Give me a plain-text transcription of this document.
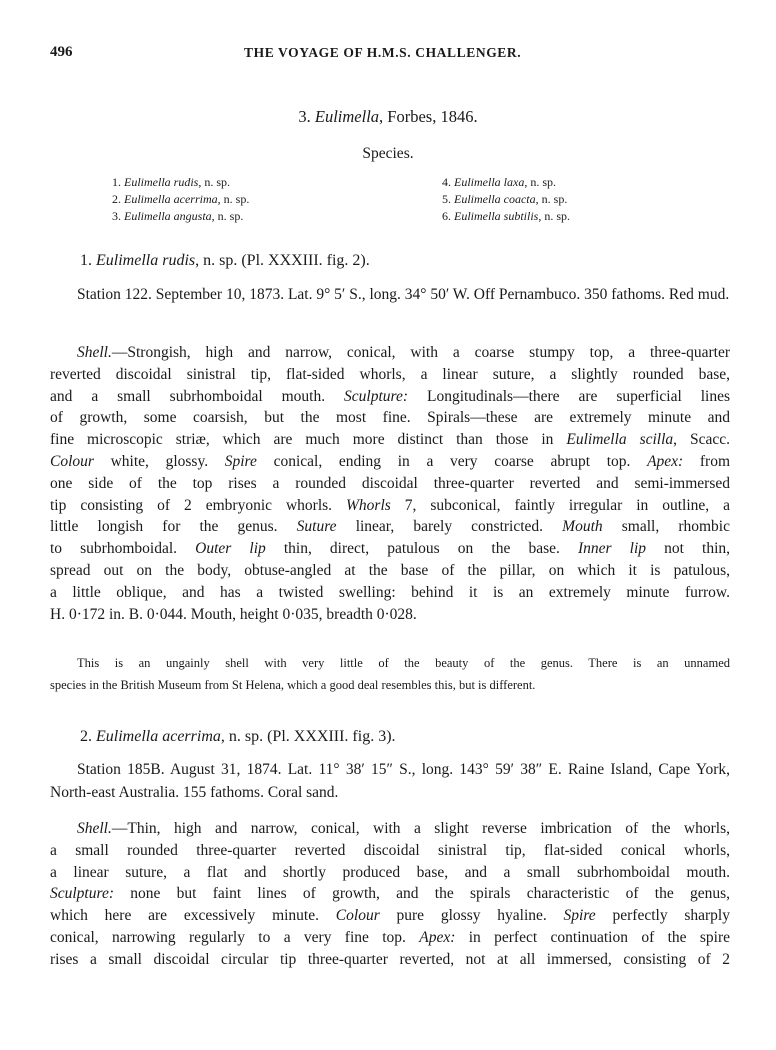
496	THE VOYAGE OF H.M.S. CHALLENGER.
3. Eulimella, Forbes, 1846.
Species.
1. Eulimella rudis, n. sp.
2. Eulimella acerrima, n. sp.
3. Eulimella angusta, n. sp.
4. Eulimella laxa, n. sp.
5. Eulimella coacta, n. sp.
6. Eulimella subtilis, n. sp.
1. Eulimella rudis, n. sp. (Pl. XXXIII. fig. 2).
Station 122. September 10, 1873. Lat. 9° 5′ S., long. 34° 50′ W. Off Pernambuco. 350 fathoms. Red mud.
Shell.—Strongish, high and narrow, conical, with a coarse stumpy top, a three-quarter
reverted discoidal sinistral tip, flat-sided whorls, a linear suture, a slightly rounded base,
and a small subrhomboidal mouth. Sculpture: Longitudinals—there are superficial lines
of growth, some coarsish, but the most fine. Spirals—these are extremely minute and
fine microscopic striæ, which are much more distinct than those in Eulimella scilla, Scacc.
Colour white, glossy. Spire conical, ending in a very coarse abrupt top. Apex: from
one side of the top rises a rounded discoidal three-quarter reverted and semi-immersed
tip consisting of 2 embryonic whorls. Whorls 7, subconical, faintly irregular in outline, a
little longish for the genus. Suture linear, barely constricted. Mouth small, rhombic
to subrhomboidal. Outer lip thin, direct, patulous on the base. Inner lip not thin,
spread out on the body, obtuse-angled at the base of the pillar, on which it is patulous,
a little oblique, and has a twisted swelling: behind it is an extremely minute furrow.
H. 0·172 in. B. 0·044. Mouth, height 0·035, breadth 0·028.
This is an ungainly shell with very little of the beauty of the genus. There is an unnamed
species in the British Museum from St Helena, which a good deal resembles this, but is different.
2. Eulimella acerrima, n. sp. (Pl. XXXIII. fig. 3).
Station 185B. August 31, 1874. Lat. 11° 38′ 15″ S., long. 143° 59′ 38″ E. Raine Island, Cape York, North-east Australia. 155 fathoms. Coral sand.
Shell.—Thin, high and narrow, conical, with a slight reverse imbrication of the whorls,
a small rounded three-quarter reverted discoidal sinistral tip, flat-sided conical whorls,
a linear suture, a flat and shortly produced base, and a small subrhomboidal mouth.
Sculpture: none but faint lines of growth, and the spirals characteristic of the genus,
which here are excessively minute. Colour pure glossy hyaline. Spire perfectly sharply
conical, narrowing regularly to a very fine top. Apex: in perfect continuation of the spire
rises a small discoidal circular tip three-quarter reverted, not at all immersed, consisting of 2
